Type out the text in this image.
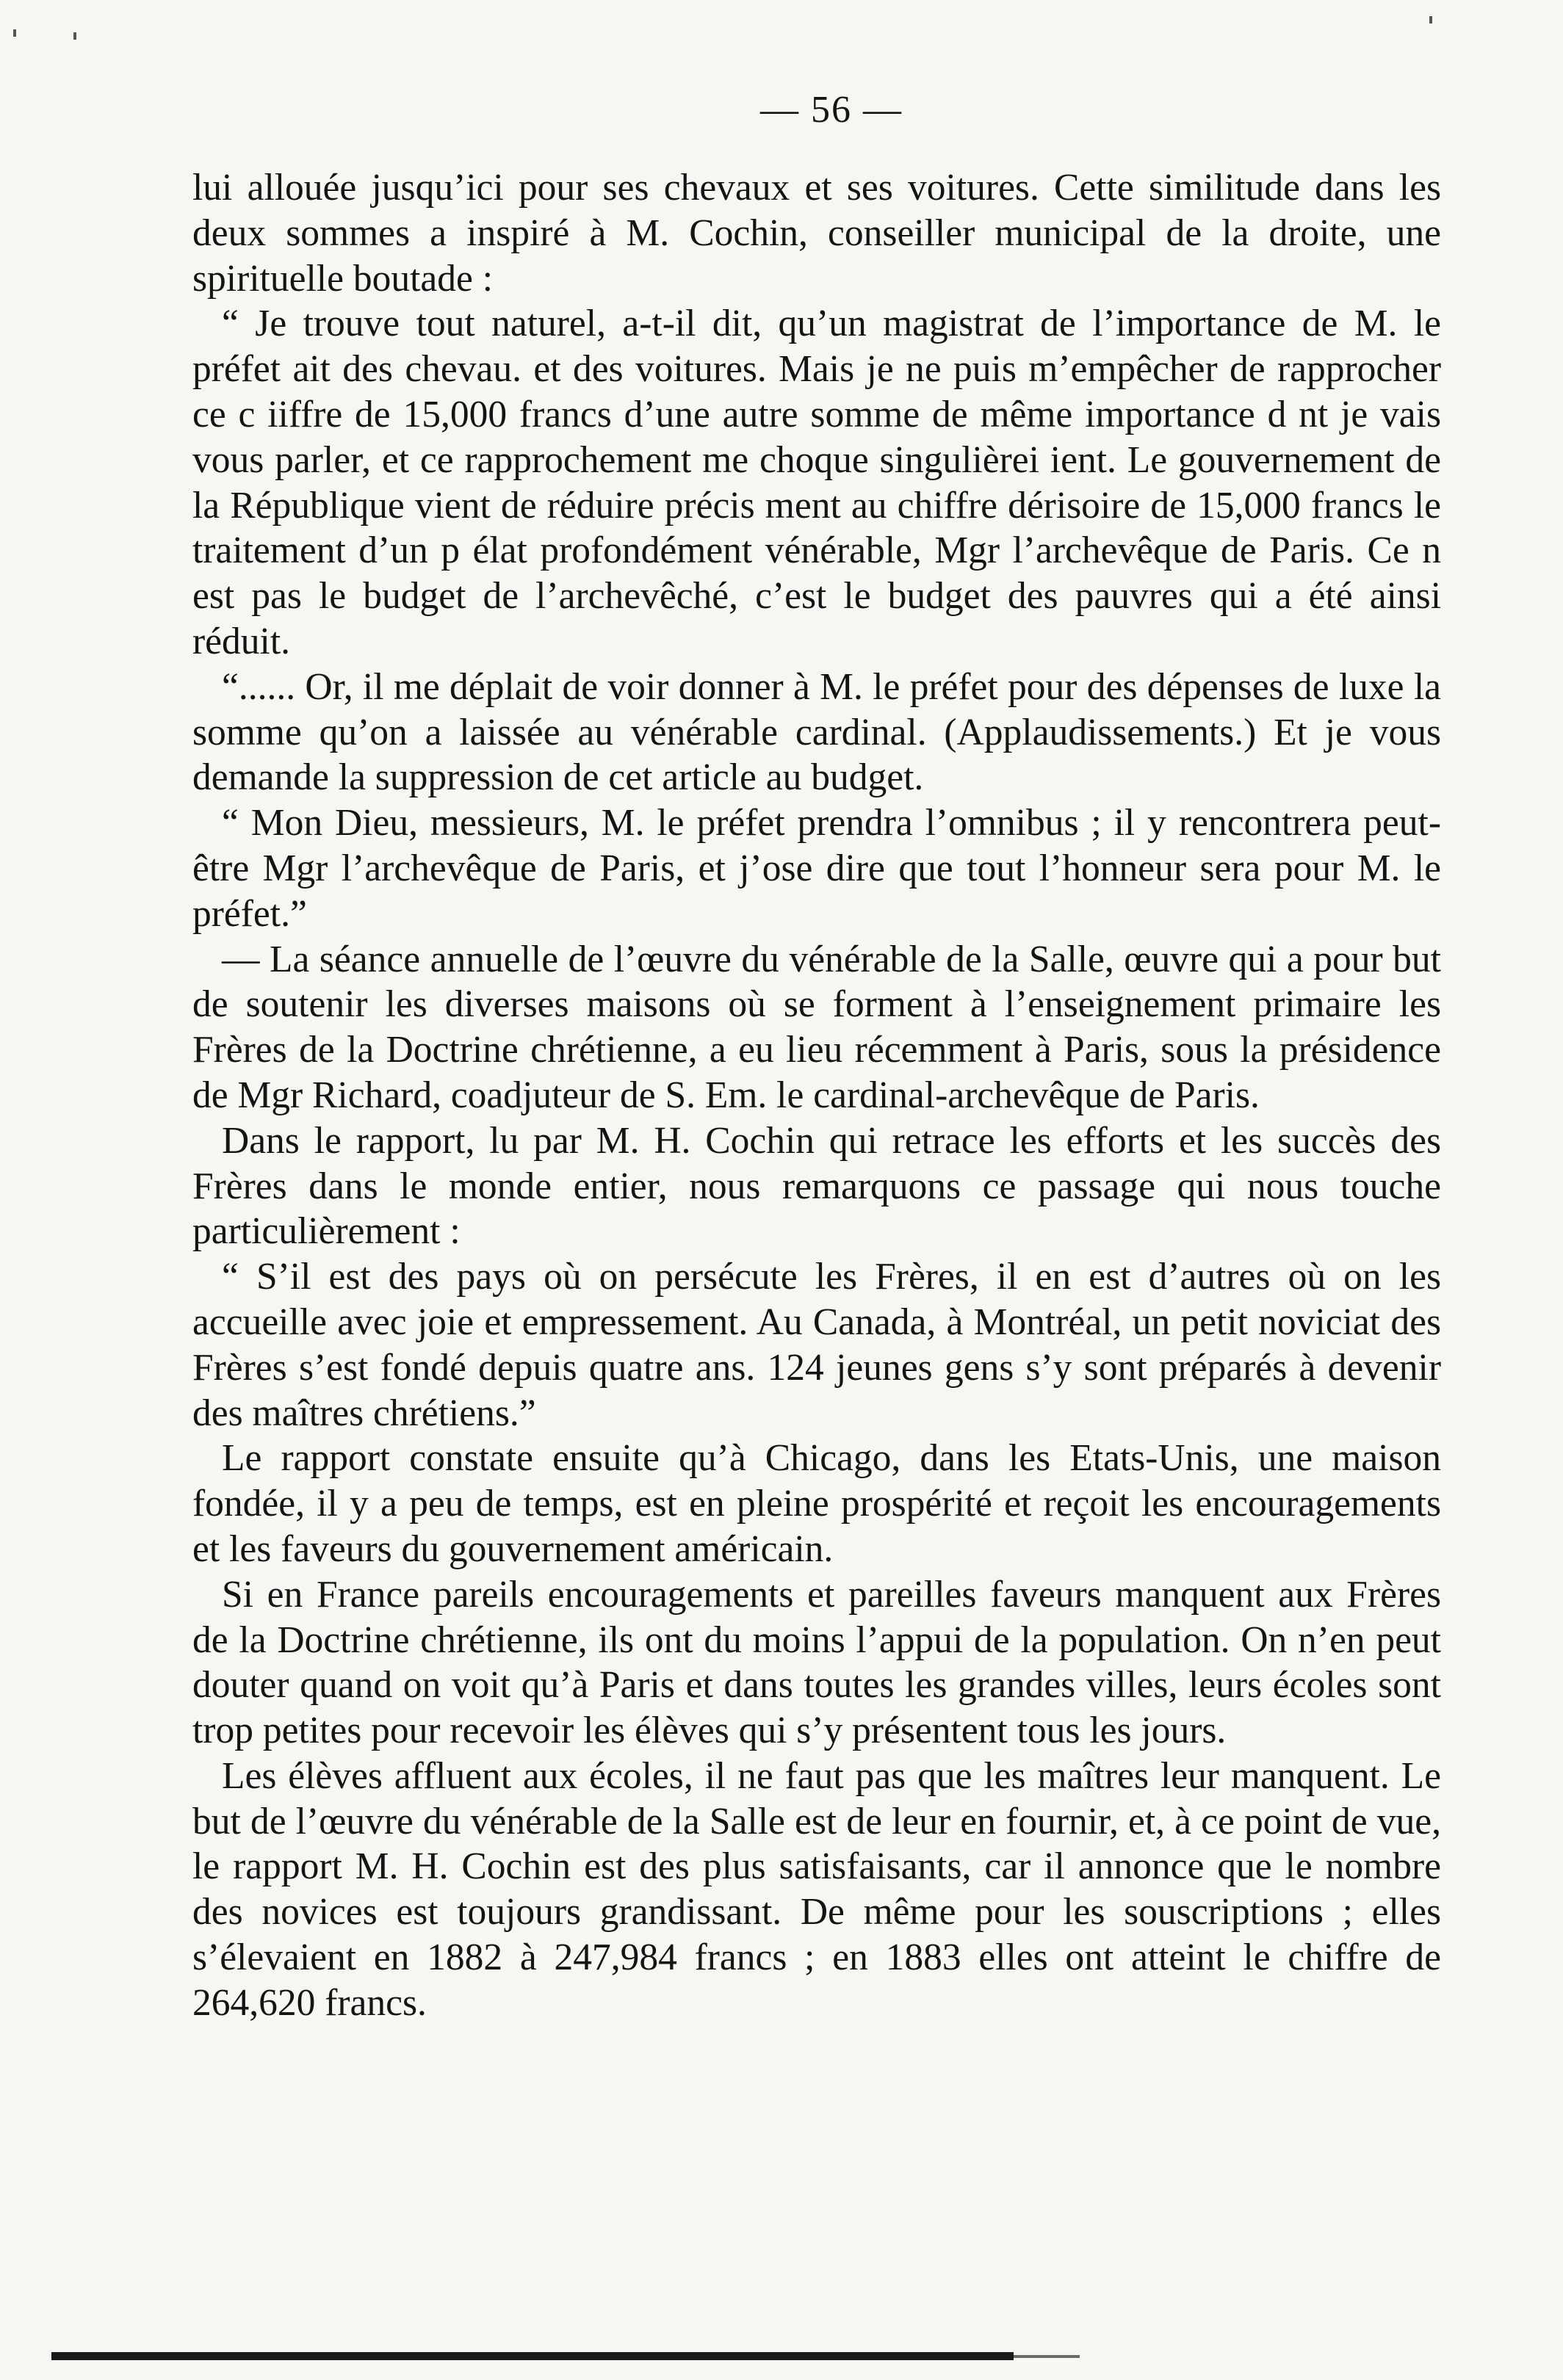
— 56 —

lui allouée jusqu’ici pour ses chevaux et ses voitures. Cette similitude dans les deux sommes a inspiré à M. Cochin, conseiller municipal de la droite, une spirituelle boutade :

“ Je trouve tout naturel, a-t-il dit, qu’un magistrat de l’importance de M. le préfet ait des chevau. et des voitures. Mais je ne puis m’empêcher de rapprocher ce c iiffre de 15,000 francs d’une autre somme de même importance d nt je vais vous parler, et ce rapprochement me choque singulièrei ient. Le gouvernement de la République vient de réduire précis ment au chiffre dérisoire de 15,000 francs le traitement d’un p élat profondément vénérable, Mgr l’archevêque de Paris. Ce n est pas le budget de l’archevêché, c’est le budget des pauvres qui a été ainsi réduit.

“...... Or, il me déplait de voir donner à M. le préfet pour des dépenses de luxe la somme qu’on a laissée au vénérable cardinal. (Applaudissements.) Et je vous demande la suppression de cet article au budget.

“ Mon Dieu, messieurs, M. le préfet prendra l’omnibus ; il y rencontrera peut-être Mgr l’archevêque de Paris, et j’ose dire que tout l’honneur sera pour M. le préfet.”

— La séance annuelle de l’œuvre du vénérable de la Salle, œuvre qui a pour but de soutenir les diverses maisons où se forment à l’enseignement primaire les Frères de la Doctrine chrétienne, a eu lieu récemment à Paris, sous la présidence de Mgr Richard, coadjuteur de S. Em. le cardinal-archevêque de Paris.

Dans le rapport, lu par M. H. Cochin qui retrace les efforts et les succès des Frères dans le monde entier, nous remarquons ce passage qui nous touche particulièrement :

“ S’il est des pays où on persécute les Frères, il en est d’autres où on les accueille avec joie et empressement. Au Canada, à Montréal, un petit noviciat des Frères s’est fondé depuis quatre ans. 124 jeunes gens s’y sont préparés à devenir des maîtres chrétiens.”

Le rapport constate ensuite qu’à Chicago, dans les Etats-Unis, une maison fondée, il y a peu de temps, est en pleine prospérité et reçoit les encouragements et les faveurs du gouvernement américain.

Si en France pareils encouragements et pareilles faveurs manquent aux Frères de la Doctrine chrétienne, ils ont du moins l’appui de la population. On n’en peut douter quand on voit qu’à Paris et dans toutes les grandes villes, leurs écoles sont trop petites pour recevoir les élèves qui s’y présentent tous les jours.

Les élèves affluent aux écoles, il ne faut pas que les maîtres leur manquent. Le but de l’œuvre du vénérable de la Salle est de leur en fournir, et, à ce point de vue, le rapport M. H. Cochin est des plus satisfaisants, car il annonce que le nombre des novices est toujours grandissant. De même pour les souscriptions ; elles s’élevaient en 1882 à 247,984 francs ; en 1883 elles ont atteint le chiffre de 264,620 francs.
